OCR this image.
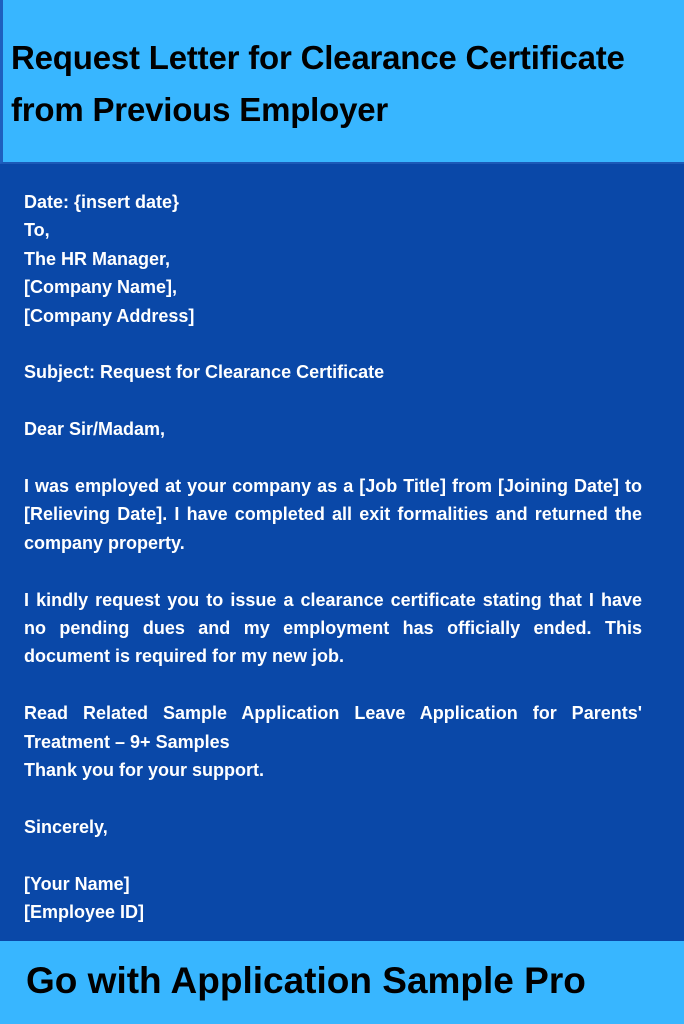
Request Letter for Clearance Certificate from Previous Employer
Date: {insert date}
To,
The HR Manager,
[Company Name],
[Company Address]
Subject: Request for Clearance Certificate
Dear Sir/Madam,
I was employed at your company as a [Job Title] from [Joining Date] to [Relieving Date]. I have completed all exit formalities and returned the company property.
I kindly request you to issue a clearance certificate stating that I have no pending dues and my employment has officially ended. This document is required for my new job.
Read Related Sample Application Leave Application for Parents' Treatment – 9+ Samples
Thank you for your support.
Sincerely,
[Your Name]
[Employee ID]

Go with Application Sample Pro
